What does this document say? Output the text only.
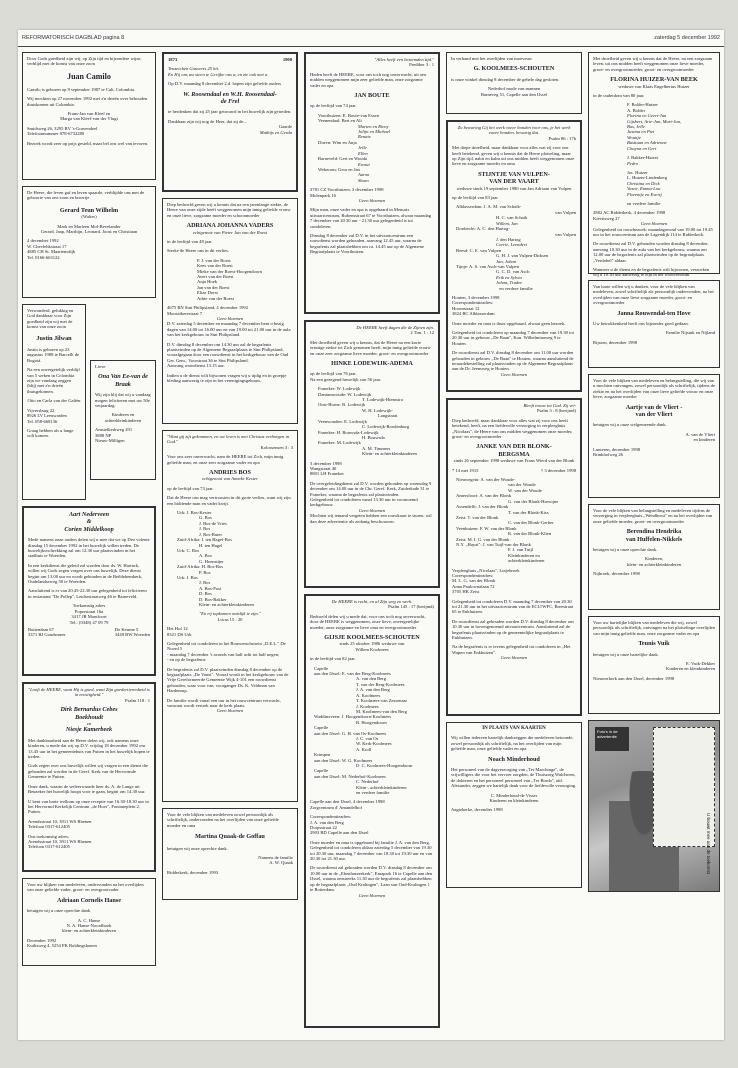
REFORMATORISCH DAGBLAD pagina 8	zaterdag 5 december 1992
Door Gods goedheid zijn wij, op Zijn tijd en bijzondere wijze, verblijd met de komst van onze zoon
Juan Camilo
Camilo is geboren op 9 september 1987 te Cali, Colombia.
Wij mochten op 27 november 1992 met z'n drieën over behouden thuiskomen uit Colombia.
Frans-Jan van Kleef en
Marga van Kleef-van der Vlugt
Smidsweg 26, 3295 BV 's-Gravendeel
Telefoonnummer 078-6732280
Bezoek wordt zeer op prijs gesteld, maar bel ons wel van tevoren.
De Heere, die leven gaf en leven spaarde, verblijdde ons met de geboorte van ons zoon en broertje
Gerard Teun Wilhelm
(Walter)
Mark en Marleen Mol-Bevelander
Gerard, Jaap, Marthijn, Leonard, Joost en Christiaan
4 december 1992
W. Chevlehkstraat 17
4885 CH St. Maartensdijk
Tel. 0166-663122
Verwonderd, gelukkig en God dankbaar voor Zijn goedheid zijn wij met de komst van onze zoon
Justin Jilwan
Justin is geboren op 23 augustus 1988 te Barcelli de Bogotá.
Na een onvergetelijk verblijf van 5 weken in Colombia zijn we vandaag zeggen (blij) met z'n drieën thuisgekomen.
Otto en Carla van der Galiën
Vijversburg 22
8926 LV Leeuwarden
Tel. 058-668136
Graag hebben als u lange wilt komen.
Lieve
Ona Van Ee-van de Braak
Wij zijn blij dat wij u vandaag mogen feliciteren met uw 50e verjaardag.
Kinderen en achterkleinkinderen
Amstelkerkweg 291
3888 NP
Nieuw-Milligen
Aart Nederveen
&
Corien Middelkoop
Mede namens onze ouders delen wij u mee dat we op Deo volente dinsdag 15 december 1992 in het huwelijk willen treden. De huwelijksvoltrekking zal om 12.30 uur plaatsvinden in het stadhuis te Woerden.
In een kerkdienst die geleid zal worden door ds. W. Harinck, willen wij Gods zegen vragen over ons huwelijk. Deze dienst begint om 13.00 uur en wordt gehouden in de Bethlehemkerk, Oudelandseweg 50 te Woerden.
Aansluitend is er van 20.45-22.30 uur gelegenheid tot feliciteren in restaurant "De Pollep", Leidsestraatweg 46 te Barneveld.
Toekomstig adres
Poperstraat 16a
3417 JR Montfoort
Tel.: (0348) 47 09 79
Buitendam 67
3371 BJ Goudsmeer
De Keurne 5
3449 BW Woerden
"Looft de HEERE, want Hij is goed, want Zijn goedertierenheid is in eeuwigheid."
Psalm 118 : 1
Dirk Bernardus Cebes
Boekhoudt
en
Niesje Kamerbeek
Met dankbaarheid aan de Heere delen wij, ook namens onze kinderen, u mede dat wij op D.V. vrijdag 18 december 1992 om 13.45 uur in het gemeentehuis van Putten in het huwelijk hopen te treden.
Gods zegen over ons huwelijk willen wij vragen in een dienst die gehouden zal worden in de Geref. Kerk van de Hervormde Gemeente te Putten.
Onze dank, waarin de weleerwaarde heer ds. A. de Lange uit Beuzeker het huwelijk hoopt voor te gaan, begint om 14.30 uur.
U bent van harte welkom op onze receptie van 16.30-18.30 uur in het Hervormd Kerkelijk Centrum „de Hoer", Fontaneplein 2, Putten.
Arendsstraat 10, 3911 WS Rhenen
Telefoon 0317-612405
Ons toekomstig adres:
Arendsstraat 10, 3911 WS Rhenen
Telefoon 0317-612405
Voor uw blijken van medeleven, ondervonden na het overlijden van onze geliefde vader, groot- en overgrootvader
Adriaan Cornelis Hanse
betuigen wij u onze oprechte dank
A. C. Hanse
N. A. Hanse-Noordhoek
klein- en achterkleinkinderen
December 1992
Kuiltsweg 4, 5254 PK Boldingshonen
1873	1900
Tenzeichen Gouverts 25 hit.
En Hij ons uw steen te Gerijbe ons a, en zie ook met u.
Op D.V. maandag 8 december 2.d. hopen zijn geliefde ouders
W. Roosendaal en W.H. Roosendaal-
de Frel
te herdenken dat zij 25 jaar getrouwd in het huwelijk zijn getreden.
Dankbaar zijn wij nog de Heer, dat zij de...
Gaarde
Mathijs en Gerda
Diep bedroefd geven wij u kennis dat na een jarenlange ziekte, de Heere van onze zijde heeft weggenomen mijn innig geliefde vrouw en onze lieve, zorgzame moeder en schoonmoeder
ADRIANA JOHANNA VADERS
echtgenote van Pieter Jan van der Roest
in de leeftijd van 48 jaar.
Sterke de Heere ons in dit verlies.
P. J. van der Roest
Kees van der Roest
Mieke van der Roest-Hoogendoorn
Avert van der Roest
Anja Hoek
Jan van der Roest
Elize Dorst
Adrie van der Roest
4675 BN Sint Philipsland, 4 december 1992
Moosaikerestraat 7
Geen bloemen
D.V. zaterdag 5 december en maandag 7 december bent u bezig dagen van 14.00 tot 16.00 uur en van 19.00 tot 21.00 uur in de aula van het kerkgebouw in Sint Philipsland.
D.V. dinsdag 8 december om 14.30 uur zal de begrafenis plaatsvinden op de Algemene Begraafplaats te Sint Philipsland, voorafgegaan door een rouwdienst in het kerkgebouw van de Oud Ger. Gem., Voorstraat 36 te Sint Philipsland.
Aanvang rouwdienst 13.15 uur.
Indien u de dienst wilt bijwonen vragen wij u tijdig en in groepje kleding aanwezig te zijn in het verenigingsgebouw.
"Want gij zijt gekommen, en uw leven is met Christus verborgen in God."
Kolossensen 3 : 3
Voor ons zeer onverwacht, nam de HEERE tot Zich, mijn innig geliefde man, en onze zeer zorgzame vader en opa
ANDRIES BOS
echtgenoot van Anneke Kester
op de leeftijd van 73 jaar.
Dat de Heere ons mag vertroosten in dit grote verlies, want wij zijn een biddende man en vader kwijt.
Urk: J. Bos-Kester
G. Bos
J. Bos-de Vries
J. Bos
J. Bos-Buter
Zuid-Afrika: I. ten Hagel-Bos
H. ten Hagel
Urk: C. Bos
A. Bos
G. Hoenstijer
Zuid-Afrika: H. Bos-Bos
P. Bos
Urk: J. Bos
J. Bos
A. Bos-Post
D. Bos
D. Bos-Bakker
Klein- en achterkleinkinderen
"En rij topkomen ontslijk te zijn."
Lucas 15 : 20
Het Hof 12
8321 DS Urk
Gelegenheid tot condoleren in het Bouwenschrirein „D.E.L." De Noord 5
- maandag 7 december 's avonds van half acht tot half negen;
- en op de begrafenis
De begrafenis zal D.V. plaatsvinden dinsdag 8 december op de begraafplaats „De Vonst". Vooraf wordt in het kerkgebouw van de Vrije Gereformeerde Gemeente Wijk 4-101 een rouwdienst gehouden, waar voor van, voorganger Ds. K. Veldman van Hardenrup.
De familie wordt vanaf een uur in het rouwcentrum verwacht, vanwaar wordt vertrek naar de kerk plaats.
Geen bloemen
Voor de vele blijken van medeleven zowel persoonlijk als schriftelijk, ondervonden na het overlijden van onze geliefde moeder en oma
Martina Quaak-de Goffau
betuigen wij onze oprechte dank.
Namens de familie
A. W. Quaak
Ridderkerk, december 1993
"Alles heeft een bestemden tijd."
Prediker 3 : 1
Heden heeft de HEERE, voor ons toch nog onverwacht, uit ons midden weggenomen mijn zeer geliefde man, onze zorgzame vader en opa
JAN BOUTE
op de leeftijd van 74 jaar.
Voorthuizen: E. Boute-van Essen
Veenendaal: Bert en Ali
Marten en Rieny
Jolijn en Michael
Renate
Dirren: Wim en Anja
Jelle
Ellen
Barneveld: Gert en Wouda
Ewout
Wekerom: Gera en Jan
Aaron
Sharo
3781 CZ Voorthuizen, 3 december 1998
Molenpark 16
Geen bloemen
Mijn man, onze vader en opa is opgebaard in Menuris uitvaartcentrum, Rubensstraat 67 te Voorthuizen, alwaar maandag 7 december van 20.30 uur - 21.30 uur gelegenheid is tot condoleren.
Dinsdag 8 december zal D.V. in het uitvaartcentrum een rouwdienst worden gehouden, aanvang 12.45 uur, waarna de begrafenis zal plaatshebben om ca. 14.45 uur op de Algemene Begraafplaats te Voorthuizen.
De HEERE heeft dagen die de Zijnen zijn.
2 Tim. 1 : 12
Met droefheid geven wij u kennis, dat de Heere na een korte ernstige ziekte tot Zich genomen heeft, mijn innig geliefde vrouw en onze zeer zorgzame lieve moeder, groot- en overgrootmoeder
HINKE LODEWIJK-ADEMA
op de leeftijd van 76 jaar.
Na een gezegend huwelijk van 56 jaar.
Franeker: W. Lodewijk
Dantumwoude: W. Lodewijk
T. Lodewijk-Hiemstra
Oost-Horne: B. Lodewijk
W. H. Lodewijk-
Langstraat
Veenwouden: E. Lodewijk
C. Lodewijk-Roodenburg
Franeker: H. Bouwsda-Lodewijk
H. Bouwsda
Franeker: M. Lodewijk
A. M. Timmers
Klein- en achterkleinkinderen
3 december 1998
Wangstraat 40
8801 LH Franeker
De overgeleidingdienst zal D.V. worden gehouden op woensdag 9 december om 14.00 uur in de Chr. Geref. Kerk, Zuiderkade 31 te Franeker, waarna de begrafenis zal plaatsvinden.
Gelegenheid tot condoleren vanaf 13.30 uur in voornoemd kerkgebouw.
Geen bloemen
Mochten wij iemand vergeten hebben een rouwkaart te sturen, wil dan deze advertentie als zodanig beschouwen.
De HEERE is recht, en al Zijn weg zo werk.
Psalm 145 : 17 (berijmd)
Bedroefd delen wij u mede dat, voor ons toch nog onverwacht, door de HEERE is weggenomen, onze lieve, onvergetelijke moeder, onze zorgzame en lieve oma en overgrootmoeder
GIJSJE KOOLMEES-SCHOUTEN
sinds 25 oktober 1986 weduwe van
Willem Koolmees
in de leeftijd van 82 jaar.
Capelle
aan den IJssel: E. van der Berg-Koolmees
A. van den Berg
T. van der Berg-Koolmees
J. A. van den Berg
A. Koolmees
T. Koolmees-van Zessenaar
J. Koolmees
M. Koolmees-van den Berg
Waddinxveen: J. Hoogendoorn-Koolmees
B. Hoogendoorn
Capelle
aan den IJssel: G. H. van Os-Koolmees
J. C. van Os
W. Kerk-Koolmees
A. Kroll
Krimpen
aan den IJssel: W. G. Koolmees
D. C. Koolmees-Hoogendoorn
Capelle
aan den IJssel: M. Nederhof-Koolmees
C. Nederhof
Klein-, achterkleinkinderen
en verdere familie
Capelle aan den IJssel, 4 december 1998
Zorgcentrum d' Amandelhof
Correspondentieadres:
J. A. van den Berg
Dorpsstraat 22
2903 BD Capelle aan den IJssel
Onze moeder en oma is opgebaard bij familie J. A. van den Berg. Gelegenheid tot condoleren aldaar zaterdag 5 december van 19.30 tot 20.30 uur, maandag 7 december van 18.30 tot 19.30 uur en van 20.30 tot 21.30 uur.
De rouwdienst zal gehouden worden D.V. dinsdag 8 december om 10.00 uur in de „Ebenhaezerkerk", Emapark 16 te Capelle aan den IJssel, waarna omstreeks 11.30 uur de begrafenis zal plaatshebben op de begraafplaats „Oud Kralingen", Laan van Oud-Kralingen 1 te Rotterdam.
Geen bloemen
In verband met het overlijden van moeveuw
G. KOOLMEES-SCHOUTEN
is onze winkel dinsdag 8 december de gehele dag gesloten.
Nederhof mode van mannen
Barneveg 51, Capelle aan den IJssel
Zo bewaring Gij het werk voeer bonden voor ons, je het werk voeer bonden, bewarig dat.
Psalm 86 : 17b
Met diepe droefheid, maar dankbaar voor alles wat zij voor ons heeft betekend, geven wij u kennis dat de Heere plotseling, maar op Zijn tijd, nabit en kalm uit ons midden heeft weggenomen onze lieve en zorgzame moeder en oma
STIJNTJE VAN VULPEN-
VAN DER VAART
weduwe sinds 19 september 1980 van Jan Adriaan van Vulpen
op de leeftijd van 83 jaar.
Alblasserdam: J. A. M. van Schaik-
van Vulpen
H. C. van Schaik
Willem, Jan
Dordrecht: A. C. den Hartog-
van Vulpen
J. den Hartog
Corrie, Leendert
Beesd: C. E. van Vulpen
G. H. J. van Vulpen-Dirksen
Jan, Johan
Tijnje: A. S. van Asch-van Vulpen
G. C. D. van Asch
Erik en Sylvia
Johan, Trudee
en verdere familie
Houten, 3 december 1998
Correspondentieadres:
Hoornstraat 12
3824 BC Alblasserdam
Onze moeder en oma is thuis opgebaard, alwaar geen bezoek.
Gelegenheid tot condoleren op maandag 7 december van 19.30 tot 20.30 uur in gebouw „De Baan", Kon. Wilhelminaweg 9 te Houten.
De rouwdienst zal D.V. dinsdag 8 december om 11.00 uur worden gehouden in gebouw „De Baan" te Houten, waarna aansluitend de teraardebestelling zal plaatsvinden op de Algemene Begraafplaats aan de Dr. Jeensweg te Houten.
Geen bloemen
Bleeft trouw tot God. Zij vri-
Psalm 3 : 8 (berijmd)
Diep bedroefd, maar dankbaar voor alles wat zij voor ons heeft betekend, heeft, na een liefdevolle verzorging in verpleeghuis „Nicolaas", de Heere van ons midden weggenomen onze moeder, groot- en overgrootmoeder
JANKE VAN DER BLONK-
BERGSMA
sinds 26 september 1998 weduwe van Frans Wierd van der Blonk
* 14 mei 1915	† 3 december 1998
Nieuwegein: A. van der Woude-
van der Woude
W. van der Woude
Amersfoort: A. van der Blonk
G. van der Blonk-Harwijne
Assendelft: J. van der Blonk
T. van der Blonk-Kiss
Zeist: T. van der Blonk
C. van der Blonk-Gerber
Veenhuizen: F. W. van der Blonk
R. van der Blonk-Klien
Zeist: M. I. G. van der Blonk
N.Y. „Hayat": J. van Tuijl-van der Blonk
F. J. van Tuijl
Kleinkinderen en
achterkleinkinderen
Verpleeghuis „Nicolaas", Lutjebroek
Correspondentieadres:
M. L. G. van der Blonk
Anna Paulownalaan 72
3705 HK Zeist
Gelegenheid tot condoleren D.V. maandag 7 december van 20.30 tot 21.30 uur in het uitvaartcentrum van de ECU/WFC, Breestraat 65 te Enkhuizen.
De rouwdienst zal gehouden worden D.V. dinsdag 8 december om 10.30 uur in bovengenoemd uitvaartcentrum. Aansluitend zal de begrafenis plaatsvinden op de gemeentelijke begraafplaats te Enkhuizen.
Na de begrafenis is er tevens gelegenheid tot condoleren in „Het Wapen van Enkhuizen".
Geen bloemen
IN PLAATS VAN KAARTEN
Wij willen iedereen hartelijk dankzeggen die medeleven betoonde, zowel persoonlijk als schriftelijk, na het overlijden van mijn geliefde man, onze geliefde vader en opa
Noach Minderhoud
Het personeel van de dagverzorging van „Ter Marchinge", de vrijwilligers die voor het vervoer zorgden, de Thuiszorg Walcheren, de dokteren en het personeel personeel van „Ter Borda", afd. Alexander, zeggen we hartelijk dank voor de liefdevolle verzorging.
C. Minderhoud-de Visser
Kinderen en kleinkinderen
Aagtekerke, december 1998
Met droefheid geven wij u kennis dat de Heere, na een zorgzaam leven, uit ons midden heeft weggenomen onze lieve moeder, groot- en overgrootmoeder, groot- en overgrootmoeder
FLORINA HUIZER-VAN BEEK
weduwe van Klaas Engelbertus Huizer
in de ouderdom van 80 jaar.
F. Bolder-Huizer
A. Bolder
Florina en Geert-Jan
Gijsbert, Arie-Jan, Mart-Jan,
Bas, Jelle
Justina en Piet
Wouttje
Bastiaan en Adrienne
Chayna en Gert
J. Bakker-Huizer
Pedro
Jac. Huizer
L. Huizer-Lindenberg
Christina en Dick
Vasoe, Emma-Lou
Florentje en Evertj
en verdere familie
2882 AC Ridderkerk, 4 december 1998
Kievitsweg 27
Geen bloemen
Gelegenheid tot rouwbezoek: maandagavond van 19.00 tot 19.45 uur in het rouwcentrum aan de Lagendijk 114 te Ridderkerk.
De rouwdienst zal D.V. gehouden worden dinsdag 8 december, aanvang 10.30 uur in de aula van het kerkgebouw, waarna om 12.00 uur de begrafenis zal plaatsvinden op de begraafplaats „Verdobel" aldaar.
Wanneer u de dienst en de begrafenis wilt bijwonen, verzoeken wij u 10.30 uur aanwezig te zijn in het rouwcentrum.
Van harte willen wij u danken, voor de vele blijken van medeleven, zowel schriftelijk als persoonlijk ondervonden, na het overlijden van onze lieve zorgzame moeder, groot- en overgrootmoeder
Janna Rouwendal-ten Hove
Uw betrokkenheid heeft ons bijzonder goed gedaan.
Familie Nijsink en Nijland
Rijssen, december 1998
Voor de vele blijken van medeleven en belangstelling, die wij van u mochten ontvangen, zowel persoonlijk als schriftelijk, tijdens de ziekte en na het overlijden van onze lieve geliefde vrouw en onze lieve, zorgzame moeder
Aartje van de Vliert -
van der Vliert
betuigen wij u onze welgemeende dank.
A. van de Vliert
en kinderen
Lunteren, december 1998
Brinkhofweg 26
Voor de vele blijken van belangstelling en medeleven tijdens de verzorging in verpleeghuis „Wendhorst" en na het overlijden van onze geliefde moeder, groot- en overgrootmoeder
Berendina Hendrika
van Huffelen-Nikkels
betuigen wij u onze oprechte dank.
Kinderen,
klein- en achterkleinkinderen
Nijbroek, december 1998
Voor uw hartelijke blijken van medeleven die wij, zowel persoonlijk als schriftelijk, ontvingen na het plotselinge overlijden van mijn innig geliefde man, onze zorgzame vader en opa
Teunis Vuik
betuigen wij u onze hartelijke dank.
E. Vuik-Dekker
Kinderen en kleinkinderen
Nieuwerkerk aan den IJssel, december 1998
Foto's in de advertentie
U bouwt mee aan de toekomst
